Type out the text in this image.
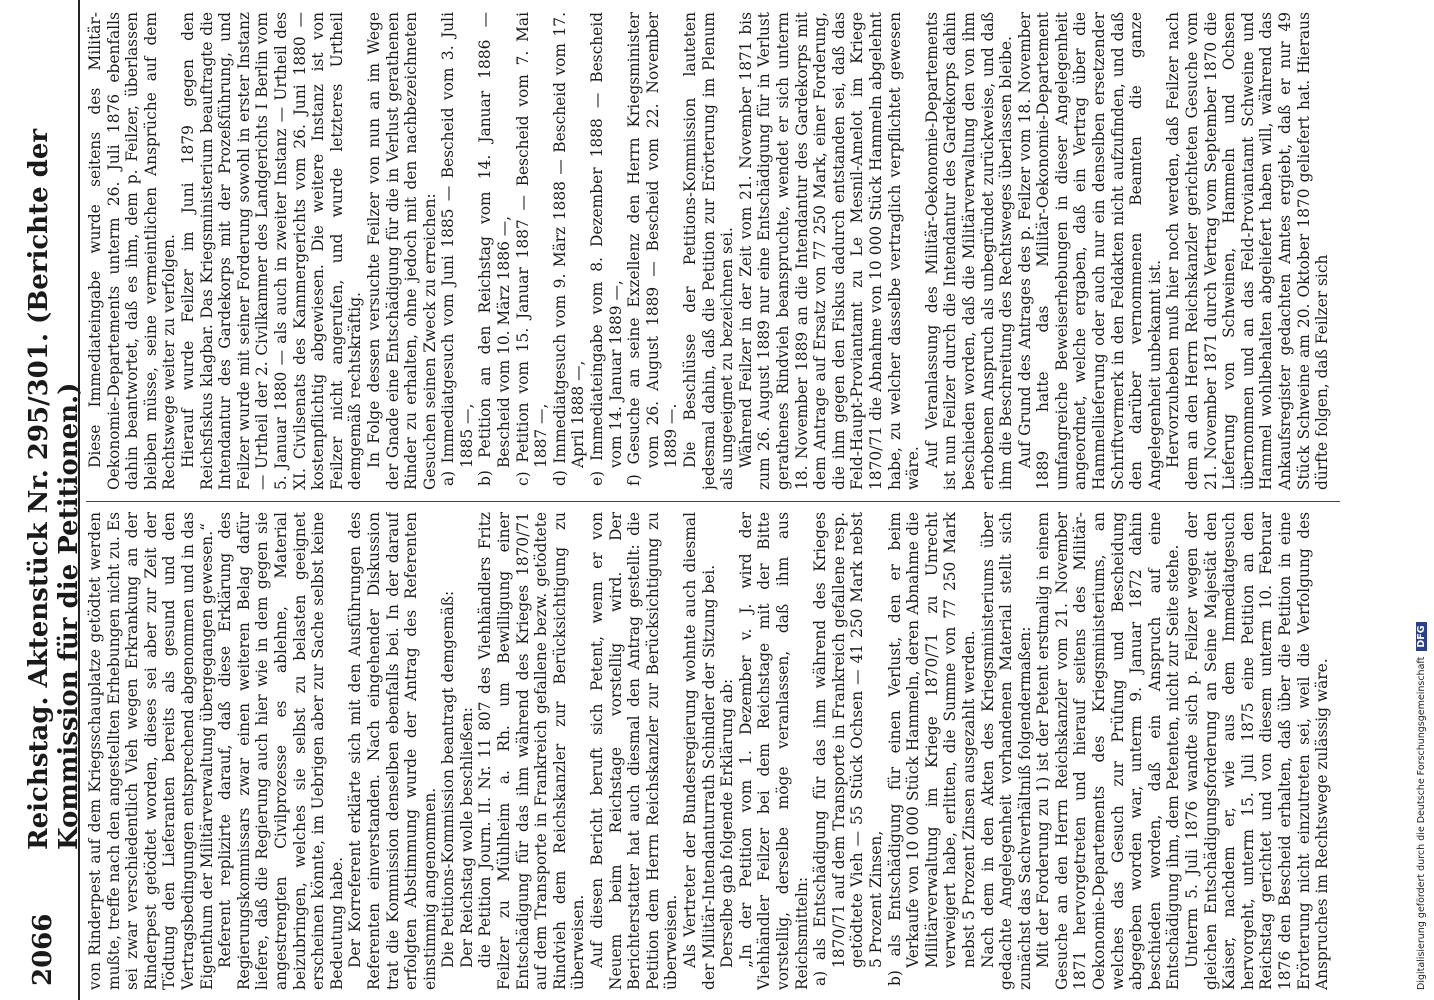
2066
Reichstag. Aktenstück Nr. 295/301. (Berichte der Kommission für die Petitionen.) von Rinderpest auf dem Kriegsschauplatze getödtet werden mußte, treffe nach den angestellten Erhebungen nicht zu. Es sei zwar verschiedentlich Vieh wegen Erkrankung an der Rinderpest getödtet worden, dieses sei aber zur Zeit der Tödtung den Lieferanten bereits als gesund und den Vertragsbedingungen entsprechend abgenommen und in das Eigenthum der Militärverwaltung übergegangen gewesen.“ Referent replizirte darauf, daß diese Erklärung des Regierungskommissars zwar einen weiteren Belag dafür liefere, daß die Regierung auch hier wie in dem gegen sie angestrengten Civilprozesse es ablehne, Material beizubringen, welches sie selbst zu belasten geeignet erscheinen könnte, im Uebrigen aber zur Sache selbst keine Bedeutung habe. Der Korreferent erklärte sich mit den Ausführungen des Referenten einverstanden. Nach eingehender Diskussion trat die Kommission denselben ebenfalls bei. In der darauf erfolgten Abstimmung wurde der Antrag des Referenten einstimmig angenommen. Die Petitions-Kommission beantragt demgemäß: Der Reichstag wolle beschließen: die Petition Journ. II. Nr. 11 807 des Viehhändlers Fritz Feilzer zu Mühlheim a. Rh. um Bewilligung einer Entschädigung für das ihm während des Krieges 1870/71 auf dem Transporte in Frankreich gefallene bezw. getödtete Rindvieh dem Reichskanzler zur Berücksichtigung zu überweisen. Auf diesen Bericht beruft sich Petent, wenn er von Neuem beim Reichstage vorstellig wird. Der Berichterstatter hat auch diesmal den Antrag gestellt: die Petition dem Herrn Reichskanzler zur Berücksichtigung zu überweisen. Als Vertreter der Bundesregierung wohnte auch diesmal der Militär-Intendanturrath Schindler der Sitzung bei. Derselbe gab folgende Erklärung ab: „In der Petition vom 1. Dezember v. J. wird der Viehhändler Feilzer bei dem Reichstage mit der Bitte vorstellig, derselbe möge veranlassen, daß ihm aus Reichsmitteln: a) als Entschädigung für das ihm während des Krieges 1870/71 auf dem Transporte in Frankreich gefallene resp. getödtete Vieh — 55 Stück Ochsen — 41 250 Mark nebst 5 Prozent Zinsen, b) als Entschädigung für einen Verlust, den er beim Verkaufe von 10 000 Stück Hammeln, deren Abnahme die Militärverwaltung im Kriege 1870/71 zu Unrecht verweigert habe, erlitten, die Summe von 77 250 Mark nebst 5 Prozent Zinsen ausgezahlt werden. Nach dem in den Akten des Kriegsministeriums über gedachte Angelegenheit vorhandenen Material stellt sich zunächst das Sachverhältniß folgendermaßen: Mit der Forderung zu 1) ist der Petent erstmalig in einem Gesuche an den Herrn Reichskanzler vom 21. November 1871 hervorgetreten und hierauf seitens des Militär-Oekonomie-Departements des Kriegsministeriums, an welches das Gesuch zur Prüfung und Bescheidung abgegeben worden war, unterm 9. Januar 1872 dahin beschieden worden, daß ein Anspruch auf eine Entschädigung ihm, dem Petenten, nicht zur Seite stehe. Unterm 5. Juli 1876 wandte sich p. Feilzer wegen der gleichen Entschädigungsforderung an Seine Majestät den Kaiser, nachdem er, wie aus dem Immediatgesuch hervorgeht, unterm 15. Juli 1875 eine Petition an den Reichstag gerichtet und von diesem unterm 10. Februar 1876 den Bescheid erhalten, daß über die Petition in eine Erörterung nicht einzutreten sei, weil die Verfolgung des Anspruches im Rechtswege zulässig wäre.

Diese Immediateingabe wurde seitens des Militär-Oekonomie-Departements unterm 26. Juli 1876 ebenfalls dahin beantwortet, daß es ihm, dem p. Feilzer, überlassen bleiben müsse, seine vermeintlichen Ansprüche auf dem Rechtswege weiter zu verfolgen. Hierauf wurde Feilzer im Juni 1879 gegen den Reichsfiskus klagbar. Das Kriegsministerium beauftragte die Intendantur des Gardekorps mit der Prozeßführung, und Feilzer wurde mit seiner Forderung sowohl in erster Instanz — Urtheil der 2. Civilkammer des Landgerichts I Berlin vom 5. Januar 1880 — als auch in zweiter Instanz — Urtheil des XI. Civilsenats des Kammergerichts vom 26. Juni 1880 — kostenpflichtig abgewiesen. Die weitere Instanz ist von Feilzer nicht angerufen, und wurde letzteres Urtheil demgemäß rechtskräftig. In Folge dessen versuchte Feilzer von nun an im Wege der Gnade eine Entschädigung für die in Verlust gerathenen Rinder zu erhalten, ohne jedoch mit den nachbezeichneten Gesuchen seinen Zweck zu erreichen: a) Immediatgesuch vom Juni 1885 — Bescheid vom 3. Juli 1885 —, b) Petition an den Reichstag vom 14. Januar 1886 — Bescheid vom 10. März 1886 —, c) Petition vom 15. Januar 1887 — Bescheid vom 7. Mai 1887 —, d) Immediatgesuch vom 9. März 1888 — Bescheid vom 17. April 1888 —, e) Immediateingabe vom 8. Dezember 1888 — Bescheid vom 14. Januar 1889 —, f) Gesuche an seine Exzellenz den Herrn Kriegsminister vom 26. August 1889 — Bescheid vom 22. November 1889 —. Die Beschlüsse der Petitions-Kommission lauteten jedesmal dahin, daß die Petition zur Erörterung im Plenum als ungeeignet zu bezeichnen sei. Während Feilzer in der Zeit vom 21. November 1871 bis zum 26. August 1889 nur eine Entschädigung für in Verlust gerathenes Rindvieh beanspruchte, wendet er sich unterm 18. November 1889 an die Intendantur des Gardekorps mit dem Antrage auf Ersatz von 77 250 Mark, einer Forderung, die ihm gegen den Fiskus dadurch entstanden sei, daß das Feld-Haupt-Proviantamt zu Le Mesnil-Amelot im Kriege 1870/71 die Abnahme von 10 000 Stück Hammeln abgelehnt habe, zu welcher dasselbe vertraglich verpflichtet gewesen wäre.

Auf Veranlassung des Militär-Oekonomie-Departements ist nun Feilzer durch die Intendantur des Gardekorps dahin beschieden worden, daß die Militärverwaltung den von ihm erhobenen Anspruch als unbegründet zurückweise, und daß ihm die Beschreitung des Rechtsweges überlassen bleibe. Auf Grund des Antrages des p. Feilzer vom 18. November 1889 hatte das Militär-Oekonomie-Departement umfangreiche Beweiserhebungen in dieser Angelegenheit angeordnet, welche ergaben, daß ein Vertrag über die Hammellieferung oder auch nur ein denselben ersetzender Schriftvermerk in den Feldakten nicht aufzufinden, und daß den darüber vernommenen Beamten die ganze Angelegenheit unbekannt ist. Hervorzuheben muß hier noch werden, daß Feilzer nach dem an den Herrn Reichskanzler gerichteten Gesuche vom 21. November 1871 durch Vertrag vom September 1870 die Lieferung von Schweinen, Hammeln und Ochsen übernommen und an das Feld-Proviantamt Schweine und Hammel wohlbehalten abgeliefert haben will, während das Ankaufsregister gedachten Amtes ergiebt, daß er nur 49 Stück Schweine am 20. Oktober 1870 geliefert hat. Hieraus dürfte folgen, daß Feilzer sich

Digitalisierung gefördert durch die Deutsche Forschungsgemeinschaft DFG
